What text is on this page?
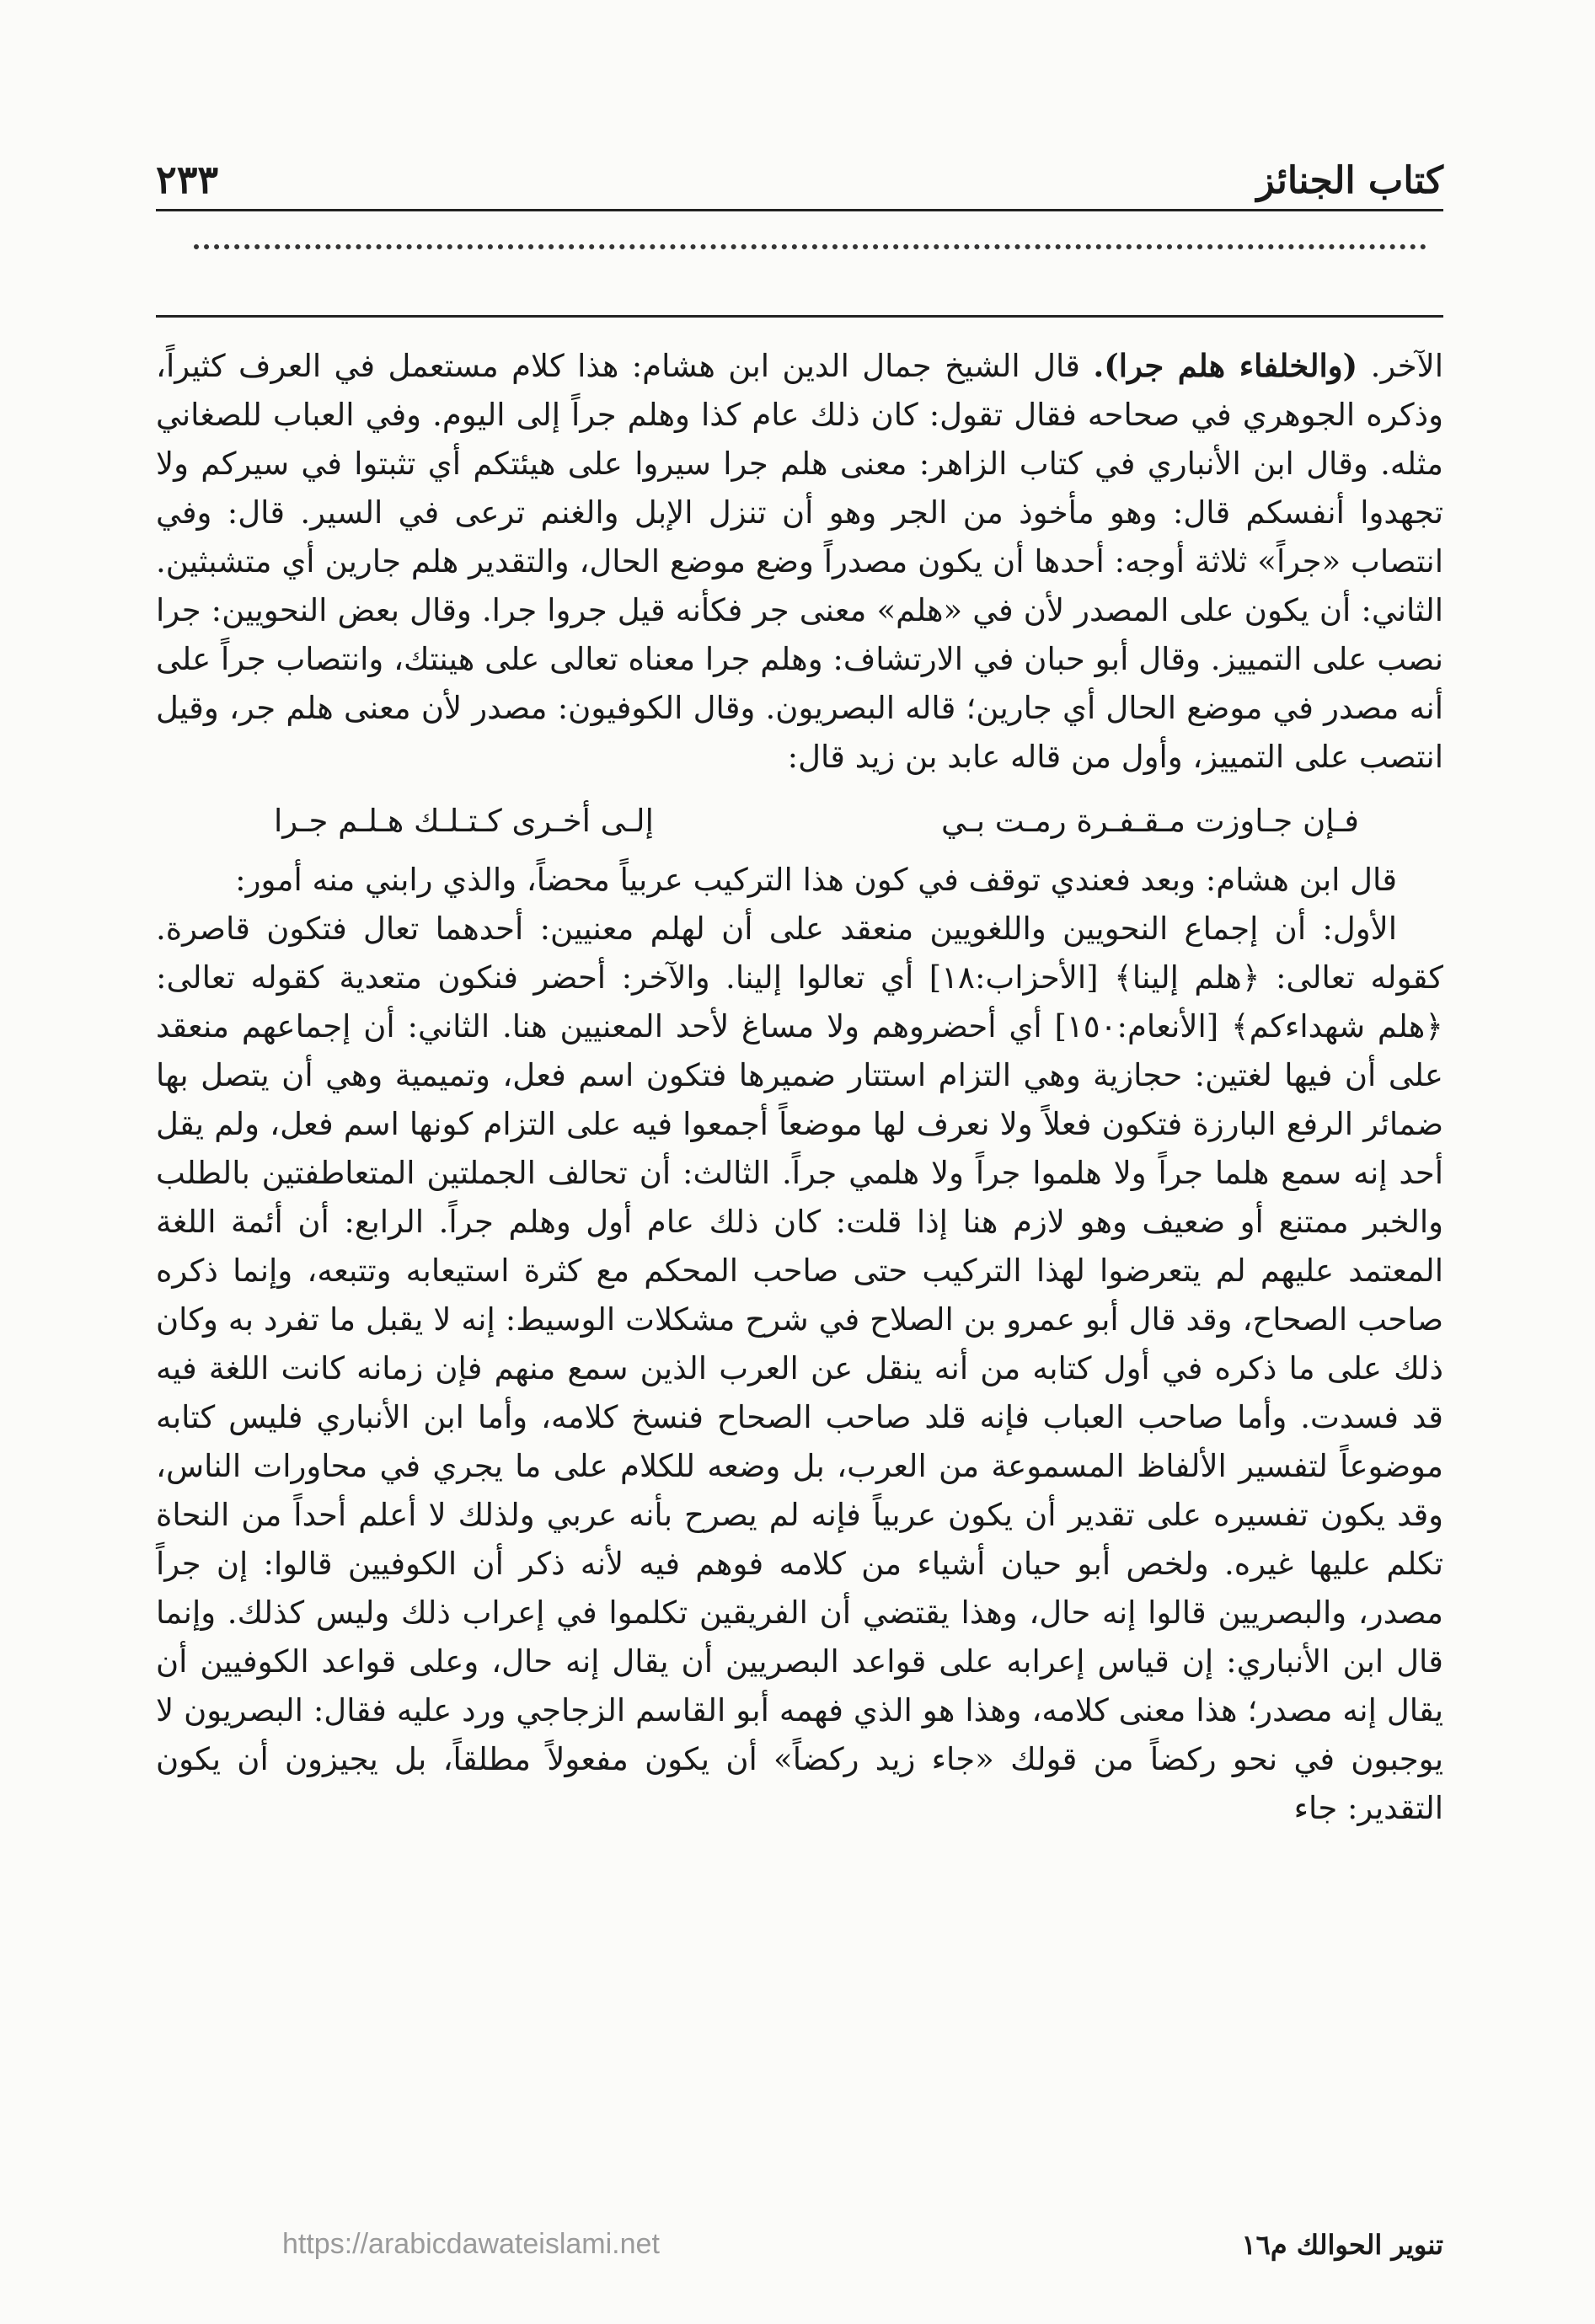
كتاب الجنائز
٢٣٣

الآخر. (والخلفاء هلم جرا). قال الشيخ جمال الدين ابن هشام: هذا كلام مستعمل في العرف كثيراً، وذكره الجوهري في صحاحه فقال تقول: كان ذلك عام كذا وهلم جراً إلى اليوم. وفي العباب للصغاني مثله. وقال ابن الأنباري في كتاب الزاهر: معنى هلم جرا سيروا على هيئتكم أي تثبتوا في سيركم ولا تجهدوا أنفسكم قال: وهو مأخوذ من الجر وهو أن تنزل الإبل والغنم ترعى في السير. قال: وفي انتصاب «جراً» ثلاثة أوجه: أحدها أن يكون مصدراً وضع موضع الحال، والتقدير هلم جارين أي متشبثين. الثاني: أن يكون على المصدر لأن في «هلم» معنى جر فكأنه قيل جروا جرا. وقال بعض النحويين: جرا نصب على التمييز. وقال أبو حبان في الارتشاف: وهلم جرا معناه تعالى على هينتك، وانتصاب جراً على أنه مصدر في موضع الحال أي جارين؛ قاله البصريون. وقال الكوفيون: مصدر لأن معنى هلم جر، وقيل انتصب على التمييز، وأول من قاله عابد بن زيد قال:

فـإن جـاوزت مـقـفـرة رمـت بـي
إلـى أخـرى كـتـلـك هـلـم جـرا

قال ابن هشام: وبعد فعندي توقف في كون هذا التركيب عربياً محضاً، والذي رابني منه أمور:

الأول: أن إجماع النحويين واللغويين منعقد على أن لهلم معنيين: أحدهما تعال فتكون قاصرة. كقوله تعالى: ﴿هلم إلينا﴾ [الأحزاب:١٨] أي تعالوا إلينا. والآخر: أحضر فنكون متعدية كقوله تعالى: ﴿هلم شهداءكم﴾ [الأنعام:١٥٠] أي أحضروهم ولا مساغ لأحد المعنيين هنا. الثاني: أن إجماعهم منعقد على أن فيها لغتين: حجازية وهي التزام استتار ضميرها فتكون اسم فعل، وتميمية وهي أن يتصل بها ضمائر الرفع البارزة فتكون فعلاً ولا نعرف لها موضعاً أجمعوا فيه على التزام كونها اسم فعل، ولم يقل أحد إنه سمع هلما جراً ولا هلموا جراً ولا هلمي جراً. الثالث: أن تحالف الجملتين المتعاطفتين بالطلب والخبر ممتنع أو ضعيف وهو لازم هنا إذا قلت: كان ذلك عام أول وهلم جراً. الرابع: أن أئمة اللغة المعتمد عليهم لم يتعرضوا لهذا التركيب حتى صاحب المحكم مع كثرة استيعابه وتتبعه، وإنما ذكره صاحب الصحاح، وقد قال أبو عمرو بن الصلاح في شرح مشكلات الوسيط: إنه لا يقبل ما تفرد به وكان ذلك على ما ذكره في أول كتابه من أنه ينقل عن العرب الذين سمع منهم فإن زمانه كانت اللغة فيه قد فسدت. وأما صاحب العباب فإنه قلد صاحب الصحاح فنسخ كلامه، وأما ابن الأنباري فليس كتابه موضوعاً لتفسير الألفاظ المسموعة من العرب، بل وضعه للكلام على ما يجري في محاورات الناس، وقد يكون تفسيره على تقدير أن يكون عربياً فإنه لم يصرح بأنه عربي ولذلك لا أعلم أحداً من النحاة تكلم عليها غيره. ولخص أبو حيان أشياء من كلامه فوهم فيه لأنه ذكر أن الكوفيين قالوا: إن جراً مصدر، والبصريين قالوا إنه حال، وهذا يقتضي أن الفريقين تكلموا في إعراب ذلك وليس كذلك. وإنما قال ابن الأنباري: إن قياس إعرابه على قواعد البصريين أن يقال إنه حال، وعلى قواعد الكوفيين أن يقال إنه مصدر؛ هذا معنى كلامه، وهذا هو الذي فهمه أبو القاسم الزجاجي ورد عليه فقال: البصريون لا يوجبون في نحو ركضاً من قولك «جاء زيد ركضاً» أن يكون مفعولاً مطلقاً، بل يجيزون أن يكون التقدير: جاء

تنوير الحوالك م١٦
https://arabicdawateislami.net
